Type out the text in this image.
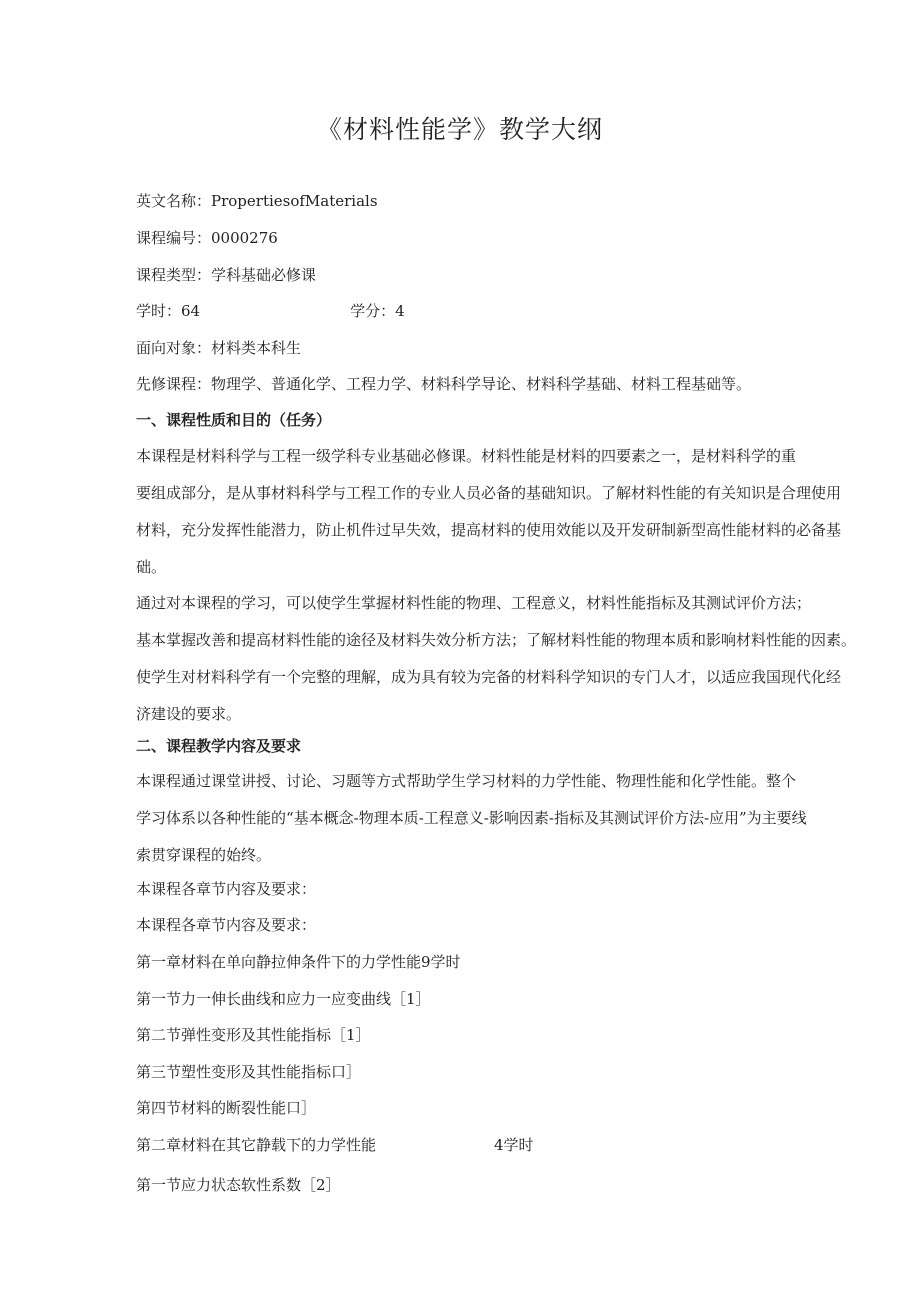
《材料性能学》教学大纲
英文名称：PropertiesofMaterials
课程编号：0000276
课程类型：学科基础必修课
学时：64	学分：4
面向对象：材料类本科生
先修课程：物理学、普通化学、工程力学、材料科学导论、材料科学基础、材料工程基础等。
一、课程性质和目的（任务）
本课程是材料科学与工程一级学科专业基础必修课。材料性能是材料的四要素之一，是材料科学的重
要组成部分，是从事材料科学与工程工作的专业人员必备的基础知识。了解材料性能的有关知识是合理使用
材料，充分发挥性能潜力，防止机件过早失效，提高材料的使用效能以及开发研制新型高性能材料的必备基
础。
通过对本课程的学习，可以使学生掌握材料性能的物理、工程意义，材料性能指标及其测试评价方法；
基本掌握改善和提高材料性能的途径及材料失效分析方法；了解材料性能的物理本质和影响材料性能的因素。
使学生对材料科学有一个完整的理解，成为具有较为完备的材料科学知识的专门人才，以适应我国现代化经
济建设的要求。
二、课程教学内容及要求
本课程通过课堂讲授、讨论、习题等方式帮助学生学习材料的力学性能、物理性能和化学性能。整个
学习体系以各种性能的“基本概念-物理本质-工程意义-影响因素-指标及其测试评价方法-应用”为主要线
索贯穿课程的始终。
本课程各章节内容及要求：
本课程各章节内容及要求：
第一章材料在单向静拉伸条件下的力学性能9学时
第一节力一伸长曲线和应力一应变曲线［1］
第二节弹性变形及其性能指标［1］
第三节塑性变形及其性能指标口］
第四节材料的断裂性能口］
第二章材料在其它静载下的力学性能	4学时
第一节应力状态软性系数［2］
